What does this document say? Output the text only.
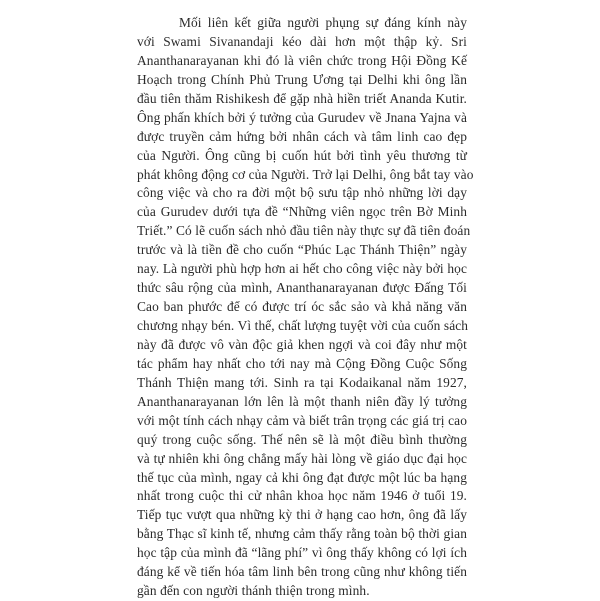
Mối liên kết giữa người phụng sự đáng kính này
với Swami Sivanandaji kéo dài hơn một thập kỷ. Sri
Ananthanarayanan khi đó là viên chức trong Hội Đồng Kế
Hoạch trong Chính Phủ Trung Ương tại Delhi khi ông lần
đầu tiên thăm Rishikesh để gặp nhà hiền triết Ananda Kutir.
Ông phấn khích bởi ý tưởng của Gurudev về Jnana Yajna và
được truyền cảm hứng bởi nhân cách và tâm linh cao đẹp
của Người. Ông cũng bị cuốn hút bởi tình yêu thương từ
phát không động cơ của Người. Trở lại Delhi, ông bắt tay vào
công việc và cho ra đời một bộ sưu tập nhỏ những lời dạy
của Gurudev dưới tựa đề “Những viên ngọc trên Bờ Minh
Triết.” Có lẽ cuốn sách nhỏ đầu tiên này thực sự đã tiên đoán
trước và là tiền đề cho cuốn “Phúc Lạc Thánh Thiện” ngày
nay. Là người phù hợp hơn ai hết cho công việc này bởi học
thức sâu rộng của mình, Ananthanarayanan được Đấng Tối
Cao ban phước để có được trí óc sắc sảo và khả năng văn
chương nhạy bén. Vì thế, chất lượng tuyệt vời của cuốn sách
này đã được vô vàn độc giả khen ngợi và coi đây như một
tác phẩm hay nhất cho tới nay mà Cộng Đồng Cuộc Sống
Thánh Thiện mang tới. Sinh ra tại Kodaikanal năm 1927,
Ananthanarayanan lớn lên là một thanh niên đầy lý tưởng
với một tính cách nhạy cảm và biết trân trọng các giá trị cao
quý trong cuộc sống. Thế nên sẽ là một điều bình thường
và tự nhiên khi ông chẳng mấy hài lòng về giáo dục đại học
thế tục của mình, ngay cả khi ông đạt được một lúc ba hạng
nhất trong cuộc thi cử nhân khoa học năm 1946 ở tuổi 19.
Tiếp tục vượt qua những kỳ thi ở hạng cao hơn, ông đã lấy
bằng Thạc sĩ kinh tế, nhưng cảm thấy rằng toàn bộ thời gian
học tập của mình đã “lãng phí” vì ông thấy không có lợi ích
đáng kể về tiến hóa tâm linh bên trong cũng như không tiến
gần đến con người thánh thiện trong mình.
